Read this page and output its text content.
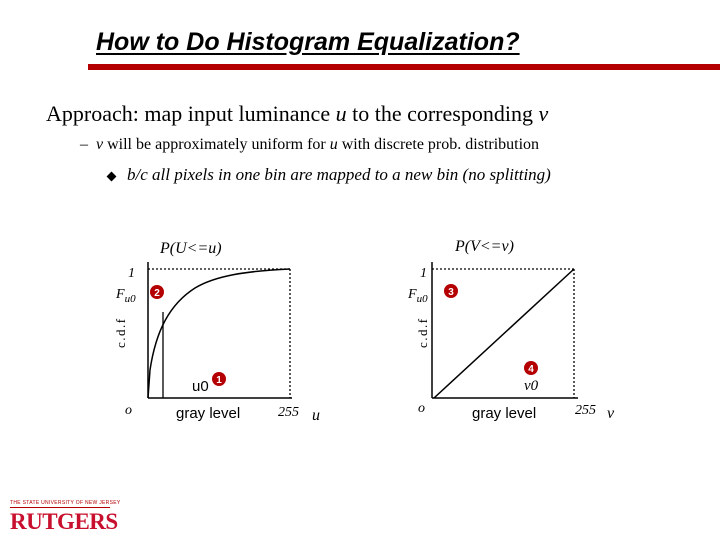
How to Do Histogram Equalization?
Approach: map input luminance u to the corresponding v
– v will be approximately uniform for u with discrete prob. distribution
b/c all pixels in one bin are mapped to a new bin (no splitting)
P(U<=u)
1
$F_{u0}$
c.d.f
o
u0
gray level	255 u
2
1
P(V<=v)
1
$F_{u0}$
c.d.f
o
v0
gray level	255 v
3
4
THE STATE UNIVERSITY OF NEW JERSEY
RUTGERS
